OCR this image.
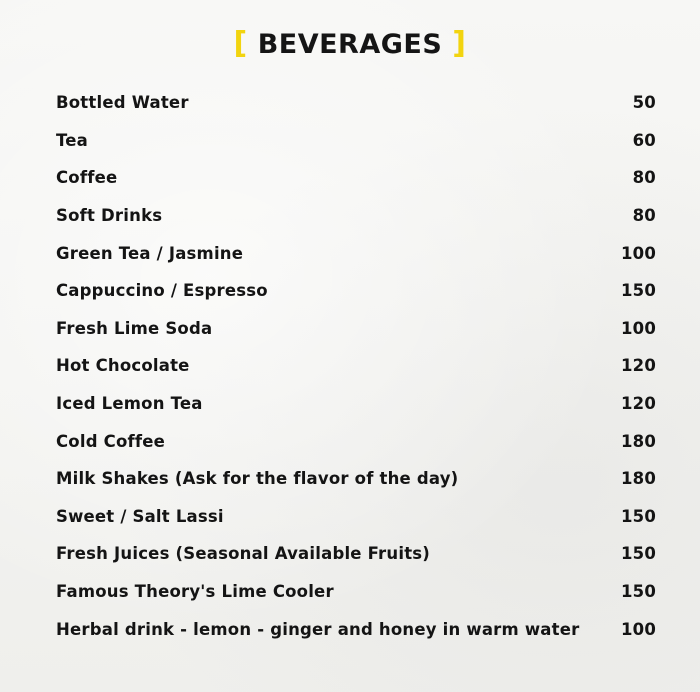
[ BEVERAGES ]
Bottled Water	50
Tea	60
Coffee	80
Soft Drinks	80
Green Tea / Jasmine	100
Cappuccino / Espresso	150
Fresh Lime Soda	100
Hot Chocolate	120
Iced Lemon Tea	120
Cold Coffee	180
Milk Shakes (Ask for the flavor of the day)	180
Sweet / Salt Lassi	150
Fresh Juices (Seasonal Available Fruits)	150
Famous Theory's Lime Cooler	150
Herbal drink - lemon - ginger and honey in warm water	100
